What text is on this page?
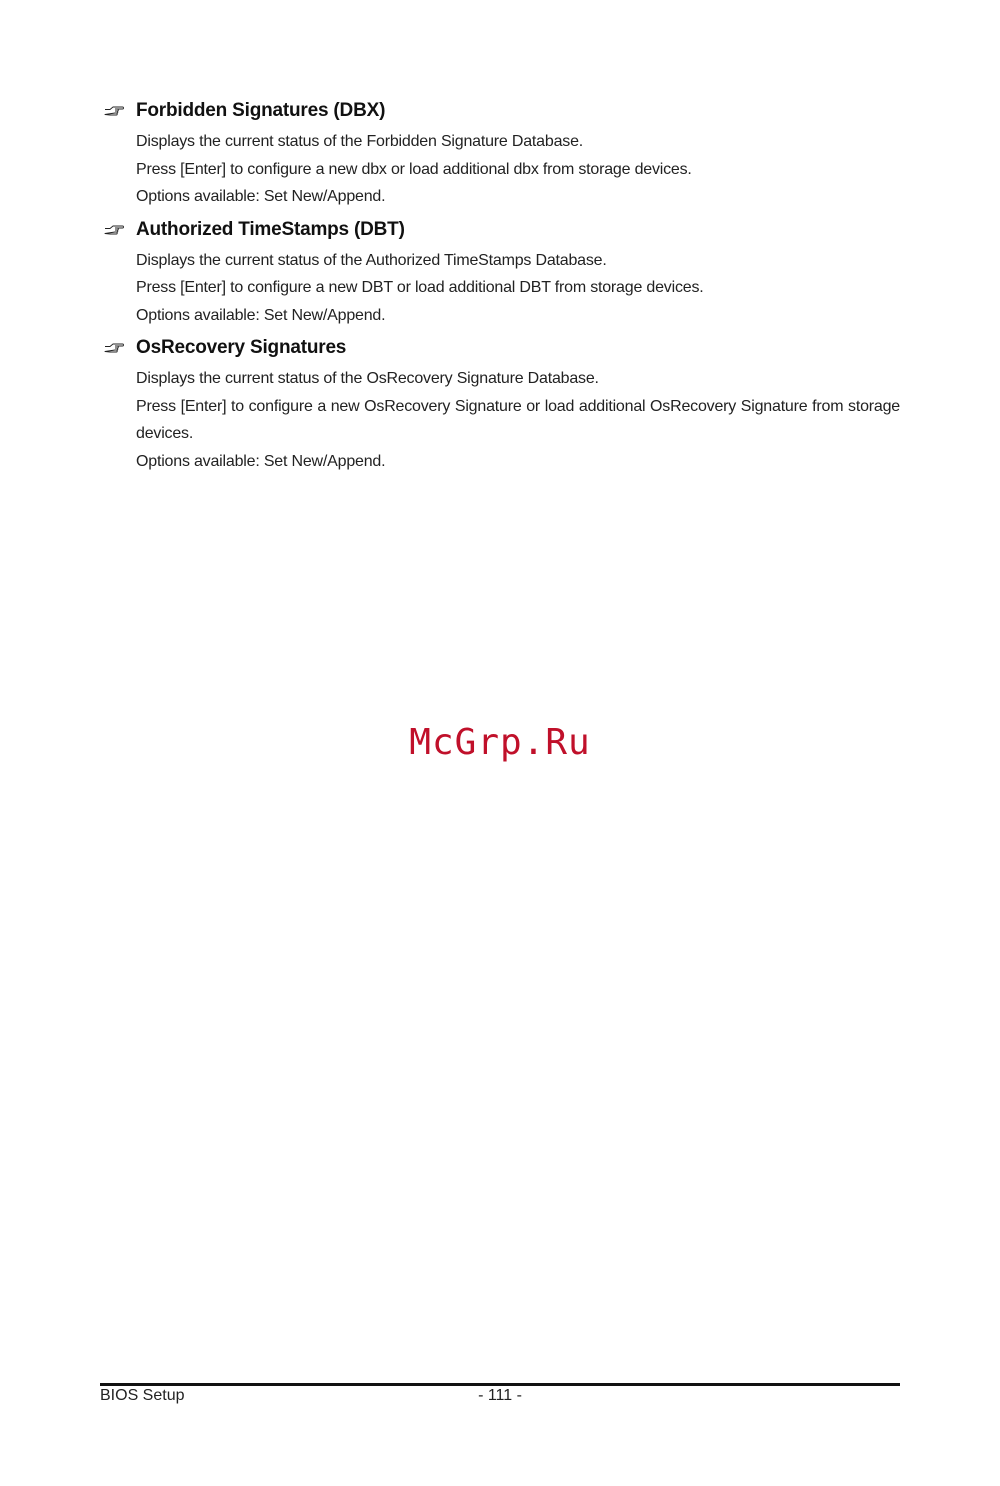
Forbidden Signatures (DBX)

Displays the current status of the Forbidden Signature Database.

Press [Enter] to configure a new dbx or load additional dbx from storage devices.

Options available: Set New/Append.

Authorized TimeStamps (DBT)

Displays the current status of the Authorized TimeStamps Database.

Press [Enter] to configure a new DBT or load additional DBT from storage devices.

Options available: Set New/Append.

OsRecovery Signatures

Displays the current status of the OsRecovery Signature Database.

Press [Enter] to configure a new OsRecovery Signature or load additional OsRecovery Signature from storage devices.

Options available: Set New/Append.

McGrp.Ru
BIOS Setup	- 111 -
